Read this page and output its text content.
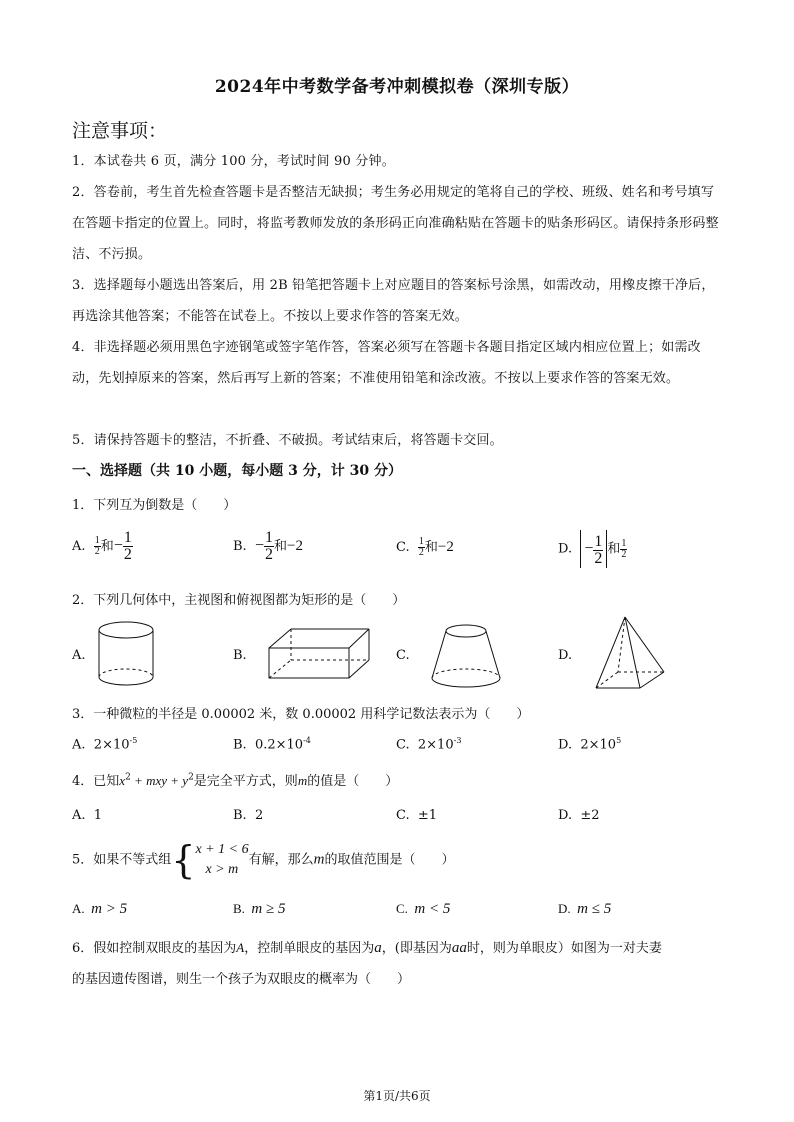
2024年中考数学备考冲刺模拟卷（深圳专版）
注意事项：
1．本试卷共 6 页，满分 100 分，考试时间 90 分钟。
2．答卷前，考生首先检查答题卡是否整洁无缺损；考生务必用规定的笔将自己的学校、班级、姓名和考号填写在答题卡指定的位置上。同时，将监考教师发放的条形码正向准确粘贴在答题卡的贴条形码区。请保持条形码整洁、不污损。
3．选择题每小题选出答案后，用 2B 铅笔把答题卡上对应题目的答案标号涂黑，如需改动，用橡皮擦干净后，再选涂其他答案；不能答在试卷上。不按以上要求作答的答案无效。
4．非选择题必须用黑色字迹钢笔或签字笔作答，答案必须写在答题卡各题目指定区域内相应位置上；如需改动，先划掉原来的答案，然后再写上新的答案；不准使用铅笔和涂改液。不按以上要求作答的答案无效。
5．请保持答题卡的整洁，不折叠、不破损。考试结束后，将答题卡交回。
一、选择题（共 10 小题，每小题 3 分，计 30 分）
1．下列互为倒数是（　　）
A. $\frac{1}{2}$ 和− $\frac{1}{2}$	B. − $\frac{1}{2}$ 和−2	C. $\frac{1}{2}$ 和−2	D. − $\frac{1}{2}$ 和 $\frac{1}{2}$
2．下列几何体中，主视图和俯视图都为矩形的是（　　）
A.	B.	C.	D.
3．一种微粒的半径是 0.00002 米，数 0.00002 用科学记数法表示为（　　）
A. $2\times 10^{-5}$	B. $0.2\times 10^{-4}$	C. $2\times 10^{-3}$	D. $2\times 10^5$
4．已知$x^2$ + mxy + $y^2$是完全平方式，则m的值是（　　）
A. 1	B. 2	C. ±1	D. ±2
5．如果不等式组{ x + 1 < 6
x > m
有解，那么m的取值范围是（　　）
A. m > 5	B. m ≥ 5	C. m < 5	D. m ≤ 5
6．假如控制双眼皮的基因为A，控制单眼皮的基因为a，(即基因为aa时，则为单眼皮）如图为一对夫妻
的基因遗传图谱，则生一个孩子为双眼皮的概率为（　　）
第1页/共6页
